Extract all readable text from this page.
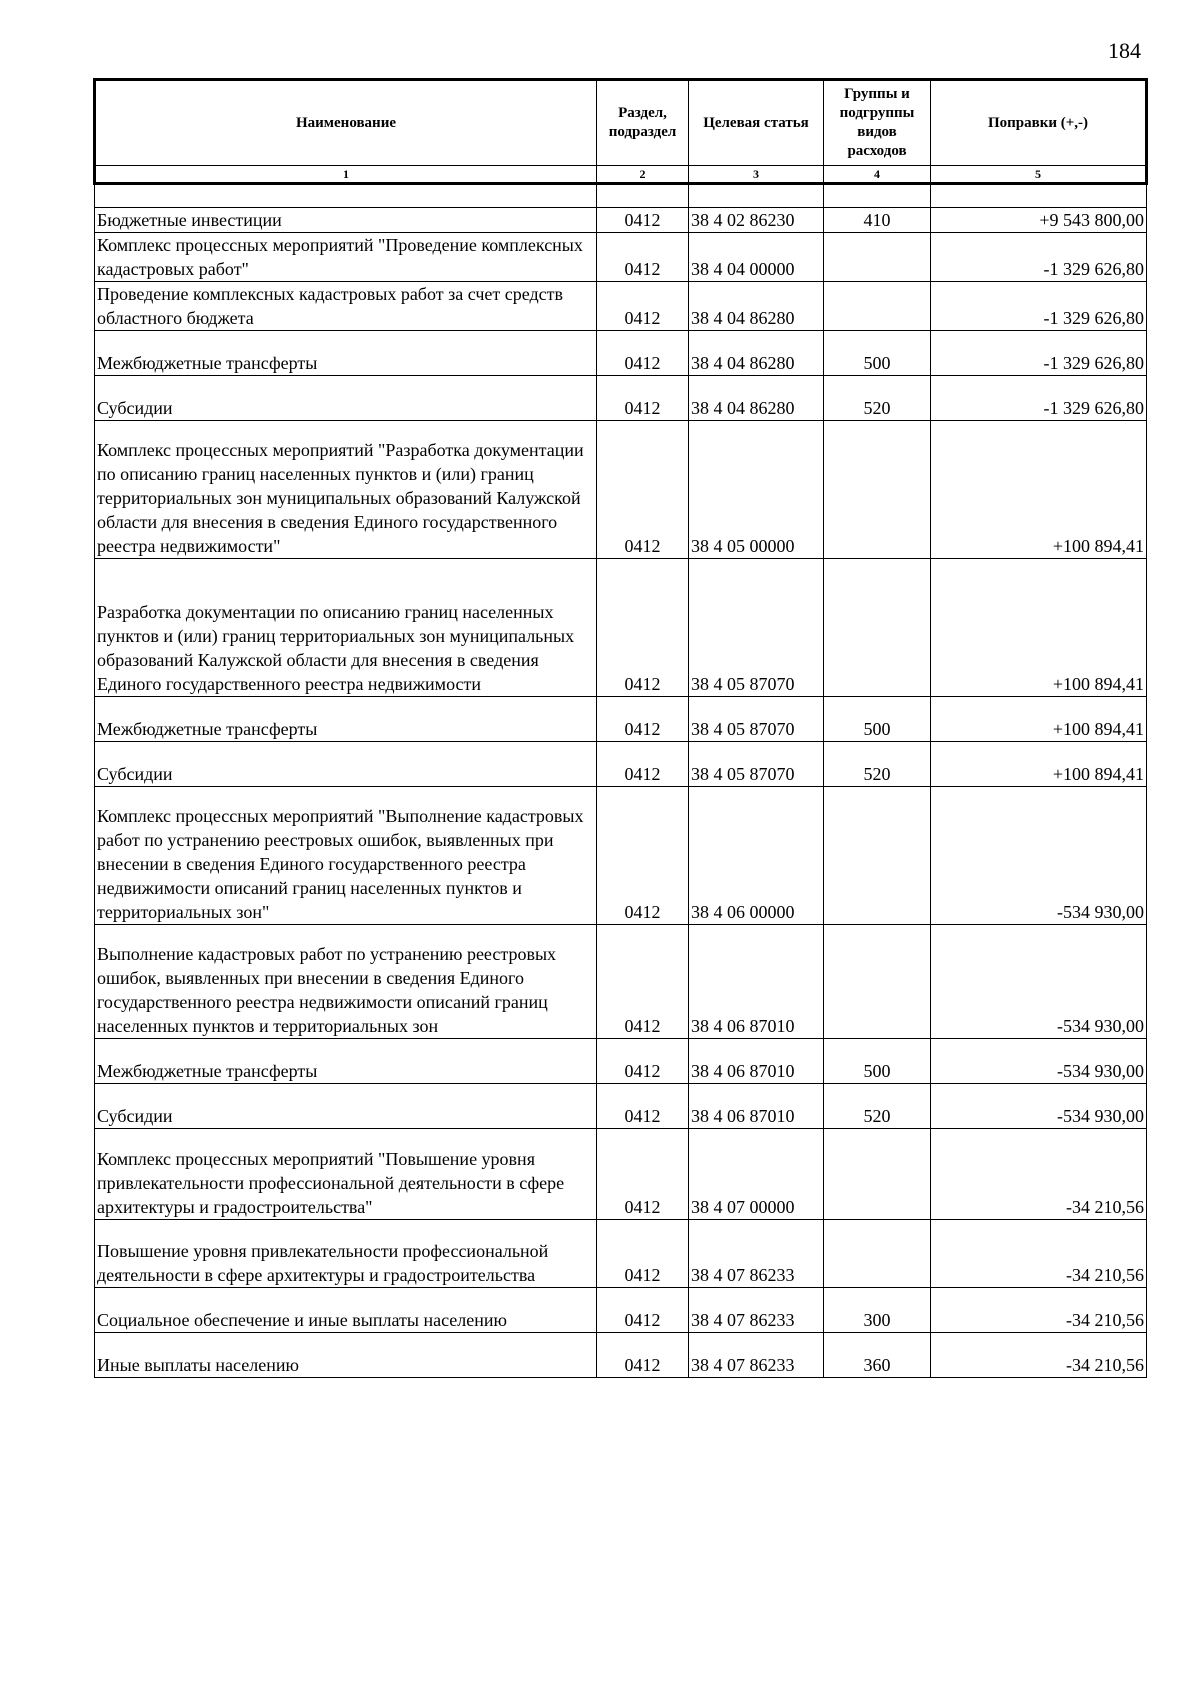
184
Наименование	Раздел, подраздел	Целевая статья	Группы и подгруппы видов расходов	Поправки (+,-)
1	2	3	4	5

Бюджетные инвестиции	0412	38 4 02 86230	410	+9 543 800,00
Комплекс процессных мероприятий "Проведение комплексных кадастровых работ"	0412	38 4 04 00000		-1 329 626,80
Проведение комплексных кадастровых работ за счет средств областного бюджета	0412	38 4 04 86280		-1 329 626,80
Межбюджетные трансферты	0412	38 4 04 86280	500	-1 329 626,80
Субсидии	0412	38 4 04 86280	520	-1 329 626,80
Комплекс процессных мероприятий "Разработка документации по описанию границ населенных пунктов и (или) границ территориальных зон муниципальных образований Калужской области для внесения в сведения Единого государственного реестра недвижимости"	0412	38 4 05 00000		+100 894,41
Разработка документации по описанию границ населенных пунктов и (или) границ территориальных зон муниципальных образований Калужской области для внесения в сведения Единого государственного реестра недвижимости	0412	38 4 05 87070		+100 894,41
Межбюджетные трансферты	0412	38 4 05 87070	500	+100 894,41
Субсидии	0412	38 4 05 87070	520	+100 894,41
Комплекс процессных мероприятий "Выполнение кадастровых работ по устранению реестровых ошибок, выявленных при внесении в сведения Единого государственного реестра недвижимости описаний границ населенных пунктов и территориальных зон"	0412	38 4 06 00000		-534 930,00
Выполнение кадастровых работ по устранению реестровых ошибок, выявленных при внесении в сведения Единого государственного реестра недвижимости описаний границ населенных пунктов и территориальных зон	0412	38 4 06 87010		-534 930,00
Межбюджетные трансферты	0412	38 4 06 87010	500	-534 930,00
Субсидии	0412	38 4 06 87010	520	-534 930,00
Комплекс процессных мероприятий "Повышение уровня привлекательности профессиональной деятельности в сфере архитектуры и градостроительства"	0412	38 4 07 00000		-34 210,56
Повышение уровня привлекательности профессиональной деятельности в сфере архитектуры и градостроительства	0412	38 4 07 86233		-34 210,56
Социальное обеспечение и иные выплаты населению	0412	38 4 07 86233	300	-34 210,56
Иные выплаты населению	0412	38 4 07 86233	360	-34 210,56
